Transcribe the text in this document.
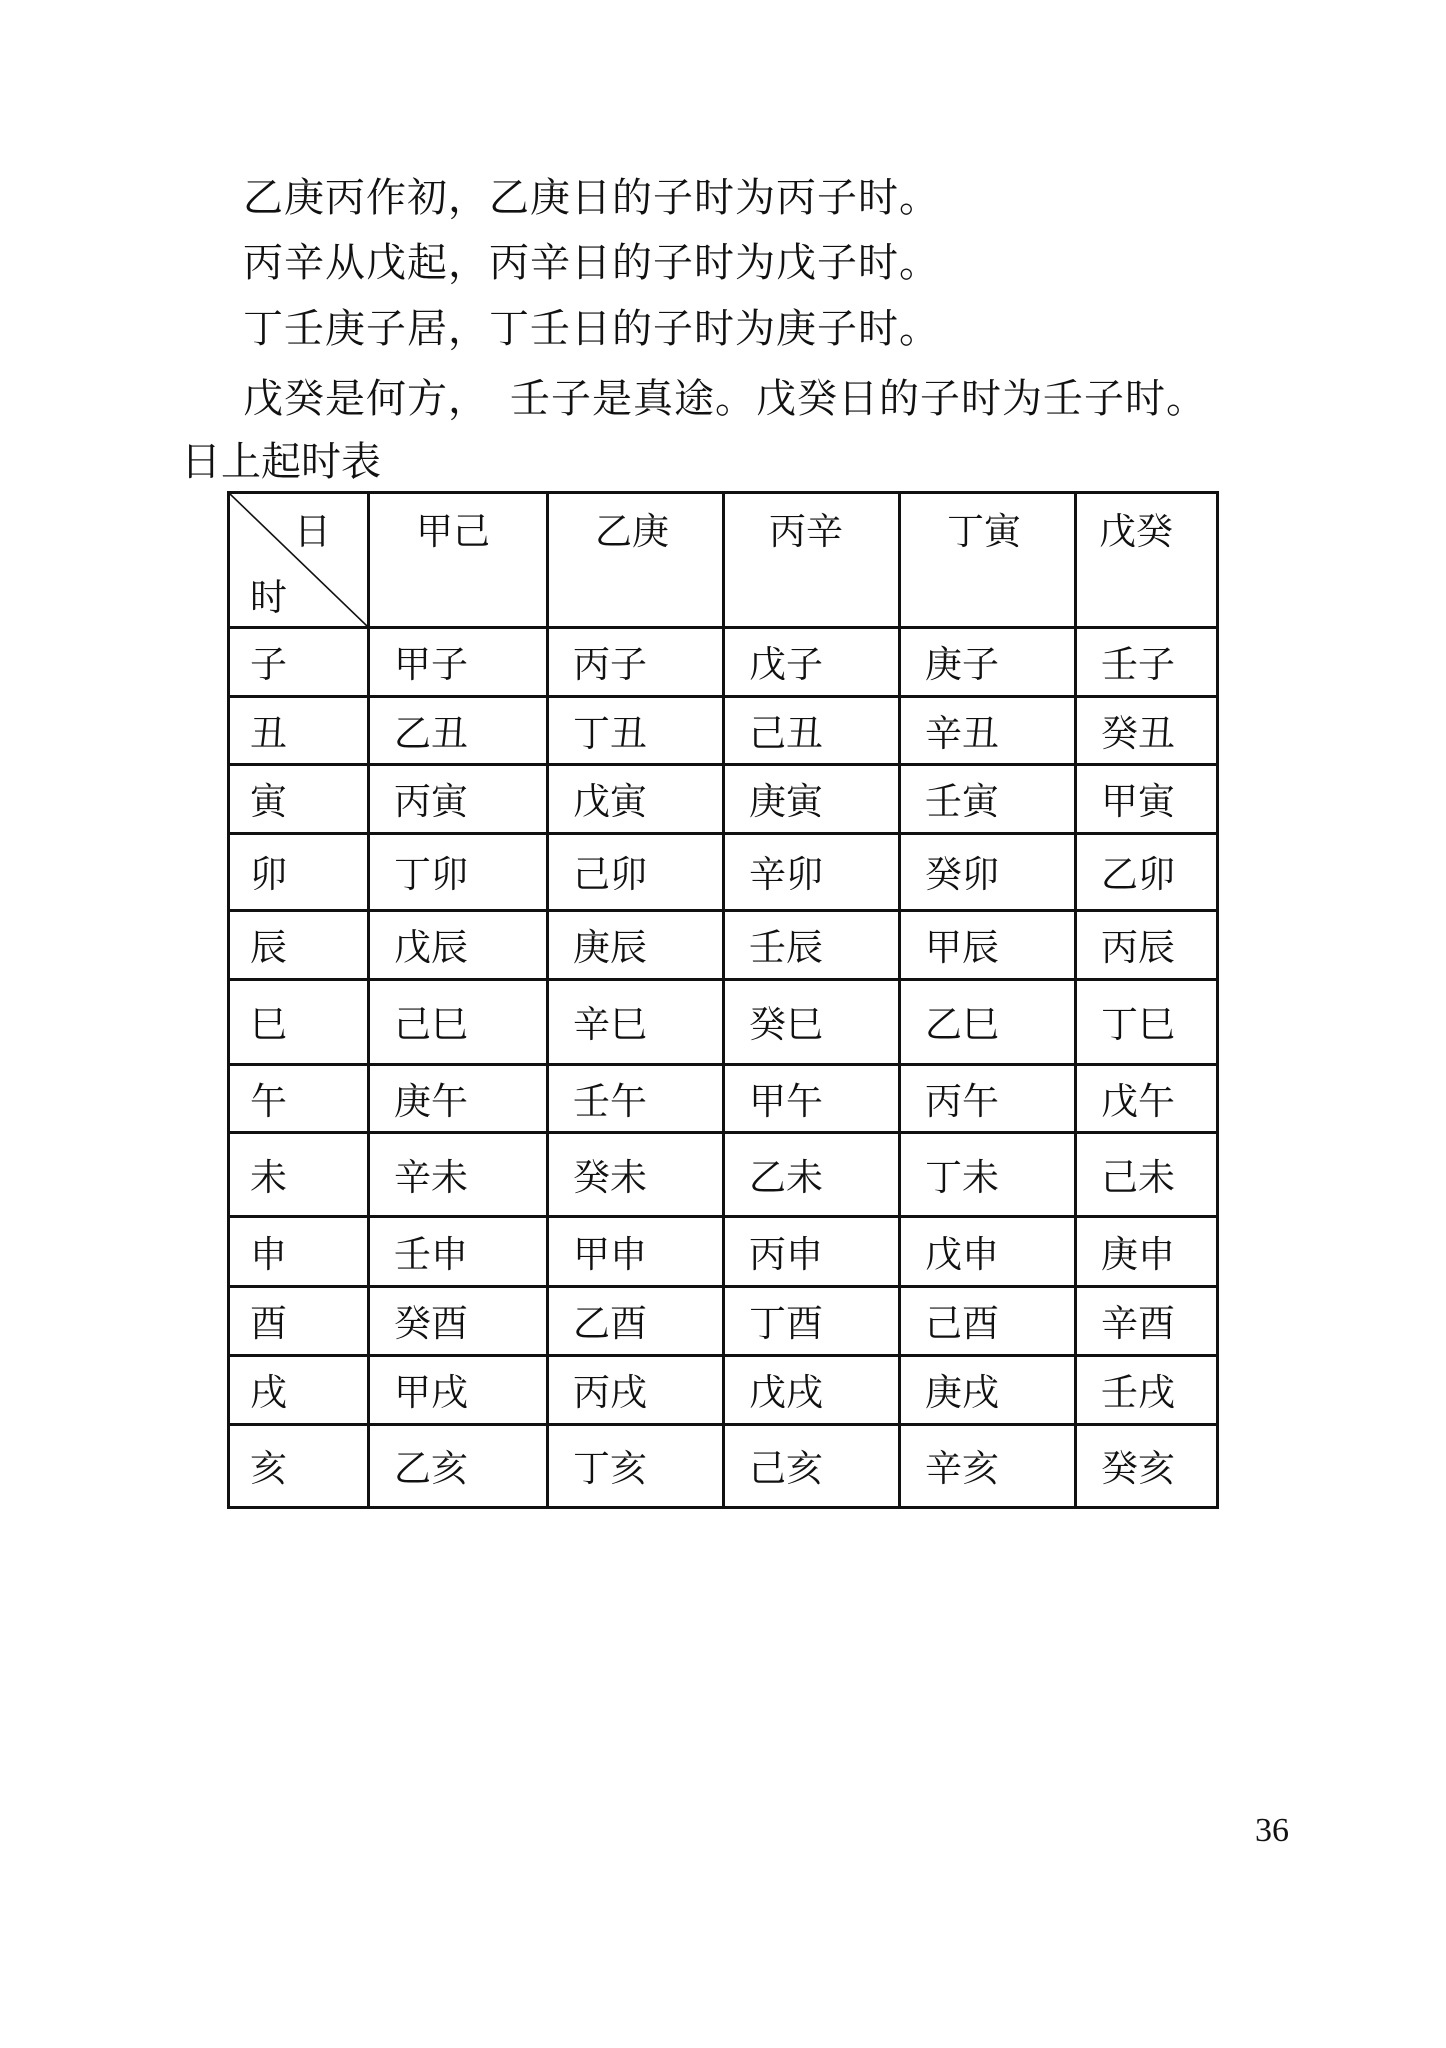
乙庚丙作初，乙庚日的子时为丙子时。
丙辛从戊起，丙辛日的子时为戊子时。
丁壬庚子居，丁壬日的子时为庚子时。
戊癸是何方，　壬子是真途。戊癸日的子时为壬子时。
日上起时表
日
时	甲己	乙庚	丙辛	丁寅	戊癸
子	甲子	丙子	戊子	庚子	壬子
丑	乙丑	丁丑	己丑	辛丑	癸丑
寅	丙寅	戊寅	庚寅	壬寅	甲寅
卯	丁卯	己卯	辛卯	癸卯	乙卯
辰	戊辰	庚辰	壬辰	甲辰	丙辰
巳	己巳	辛巳	癸巳	乙巳	丁巳
午	庚午	壬午	甲午	丙午	戊午
未	辛未	癸未	乙未	丁未	己未
申	壬申	甲申	丙申	戊申	庚申
酉	癸酉	乙酉	丁酉	己酉	辛酉
戌	甲戌	丙戌	戊戌	庚戌	壬戌
亥	乙亥	丁亥	己亥	辛亥	癸亥
36
